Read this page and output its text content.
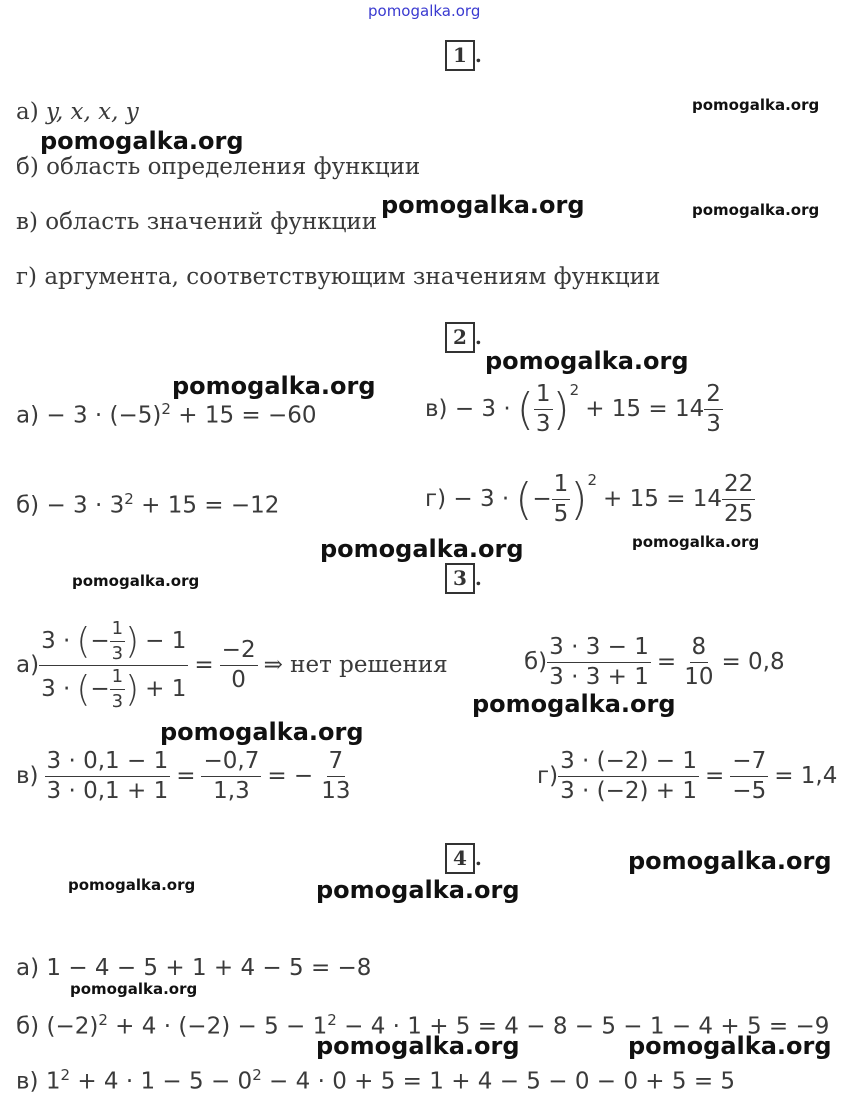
pomogalka.org
1 .
а) y, x, x, y
б) область определения функции
в) область значений функции
г) аргумента, соответствующим значениям функции
pomogalka.org
pomogalka.org
pomogalka.org	pomogalka.org
2 .
pomogalka.org
pomogalka.org
$а) - 3 \cdot (-5)^2 + 15 = -60$
$б) - 3 \cdot 3^2 + 15 = -12$
в) − 3 · ( $\frac{1}{3}$ ) 2
+ $15 = 14 \frac{2}{3}$
г) − 3 · ( − $\frac{1}{5}$ ) 2
+ $15 = 14 \frac{22}{25}$
pomogalka.org	pomogalka.org
pomogalka.org	3 .
$а) \frac{3 \cdot ( - \frac{1}{3} ) - 1}{3 \cdot ( - \frac{1}{3} ) + 1} = \frac{-2}{0}$ ⇒ нет решения	$б) \frac{3 \cdot 3 - 1}{3 \cdot 3 + 1} = \frac{8}{10} = 0,8$
pomogalka.org
pomogalka.org
$в) \frac{3 \cdot 0,1 - 1}{3 \cdot 0,1 + 1} = \frac{-0,7}{1,3}$ = − $\frac{7}{13}$	$г) \frac{3 \cdot (-2) - 1}{3 \cdot (-2) + 1} = \frac{-7}{-5} = 1,4$
4 .	pomogalka.org
pomogalka.org	pomogalka.org
а) 1 − 4 − 5 + 1 + 4 − 5 = −8
pomogalka.org
б) $(-2)^2 + 4 \cdot (-2) - 5 - 1^2 - 4 \cdot 1 + 5 = 4 - 8 - 5 - 1 - 4 + 5 = -9$
pomogalka.org	pomogalka.org
в) $1^2 + 4 \cdot 1 - 5 - 0^2 - 4 \cdot 0 + 5 = 1 + 4 - 5 - 0 - 0 + 5 = 5$
